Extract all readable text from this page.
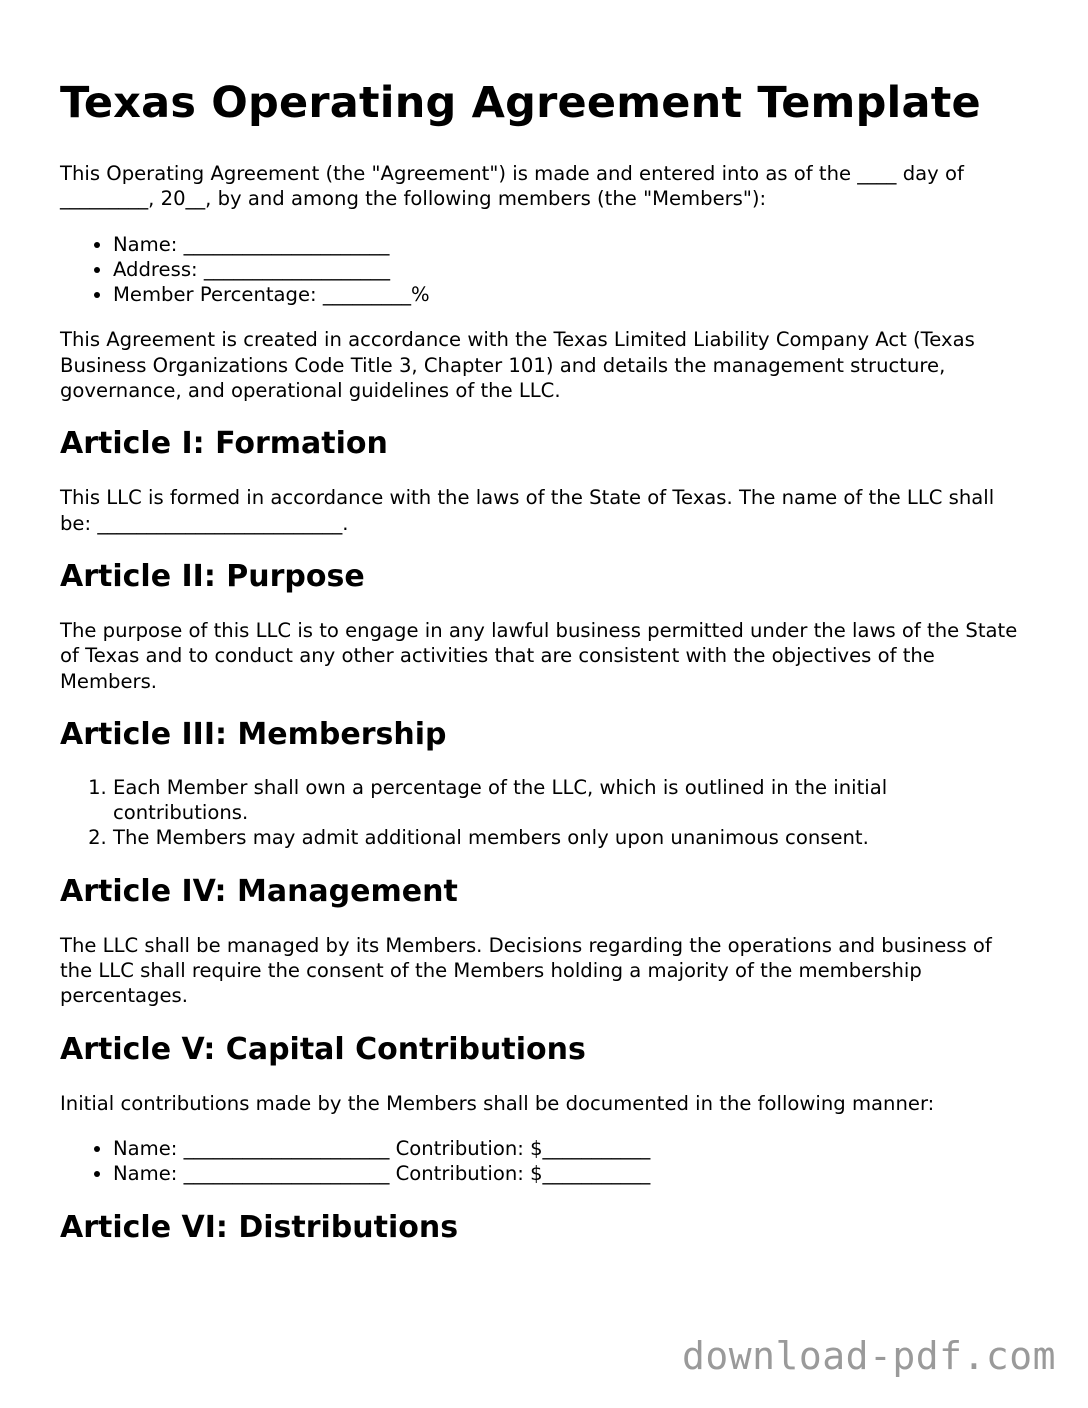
Texas Operating Agreement Template

This Operating Agreement (the "Agreement") is made and entered into as of the ____ day of _________, 20__, by and among the following members (the "Members"):

• Name: _____________________
• Address: ___________________
• Member Percentage: _________%

This Agreement is created in accordance with the Texas Limited Liability Company Act (Texas Business Organizations Code Title 3, Chapter 101) and details the management structure, governance, and operational guidelines of the LLC.

Article I: Formation

This LLC is formed in accordance with the laws of the State of Texas. The name of the LLC shall be: _________________________.

Article II: Purpose

The purpose of this LLC is to engage in any lawful business permitted under the laws of the State of Texas and to conduct any other activities that are consistent with the objectives of the Members.

Article III: Membership
1. Each Member shall own a percentage of the LLC, which is outlined in the initial contributions.
2. The Members may admit additional members only upon unanimous consent.
Article IV: Management

The LLC shall be managed by its Members. Decisions regarding the operations and business of the LLC shall require the consent of the Members holding a majority of the membership percentages.

Article V: Capital Contributions

Initial contributions made by the Members shall be documented in the following manner:

• Name: _____________________ Contribution: $___________
• Name: _____________________ Contribution: $___________
Article VI: Distributions
download-pdf.com
